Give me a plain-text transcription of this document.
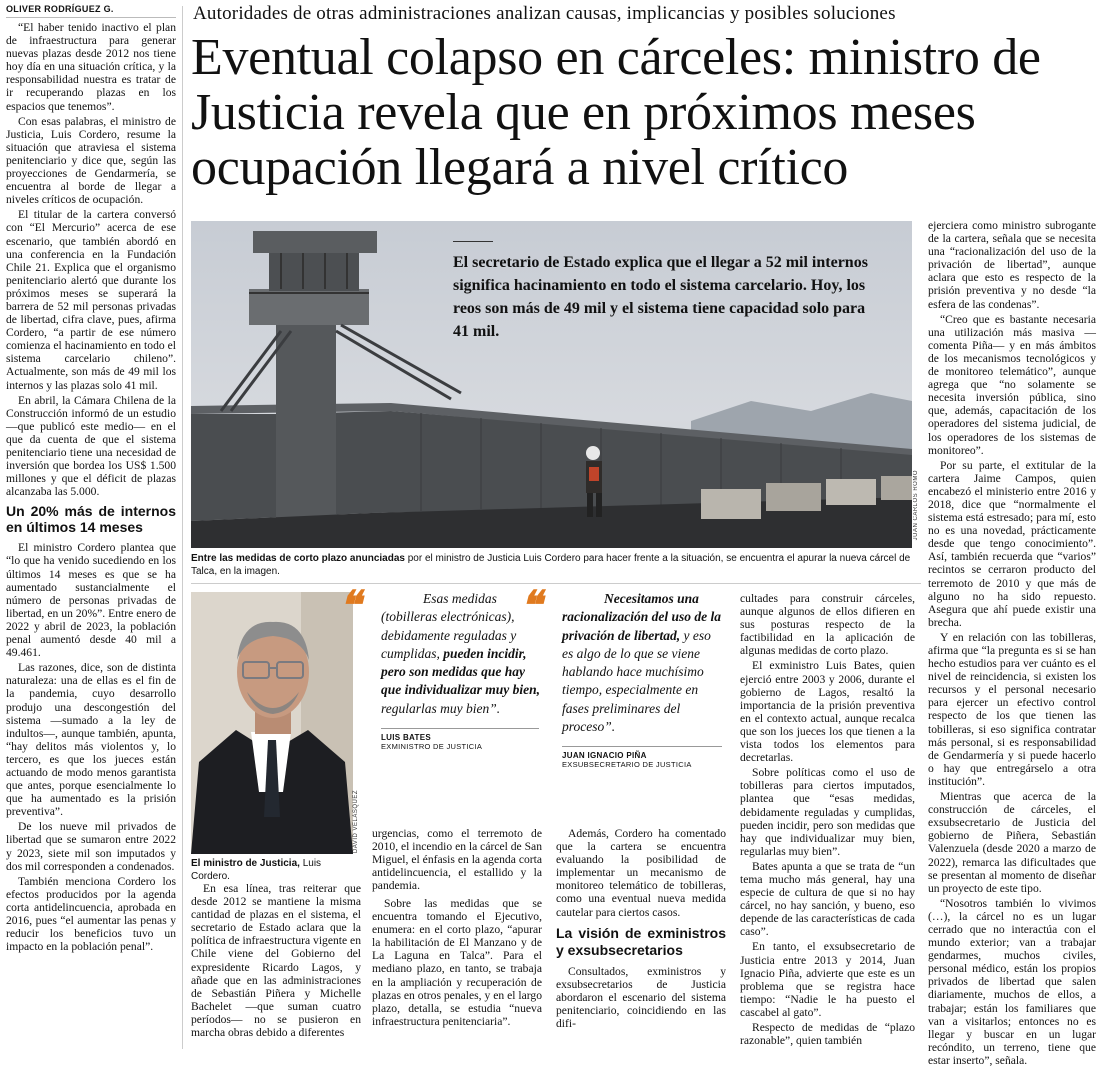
OLIVER RODRÍGUEZ G.

“El haber tenido inactivo el plan de infraestructura para generar nuevas plazas desde 2012 nos tiene hoy día en una situación crítica, y la responsabilidad nuestra es tratar de ir recuperando plazas en los espacios que tenemos”.

Con esas palabras, el ministro de Justicia, Luis Cordero, resume la situación que atraviesa el sistema penitenciario y dice que, según las proyecciones de Gendarmería, se encuentra al borde de llegar a niveles críticos de ocupación.

El titular de la cartera conversó con “El Mercurio” acerca de ese escenario, que también abordó en una conferencia en la Fundación Chile 21. Explica que el organismo penitenciario alertó que durante los próximos meses se superará la barrera de 52 mil personas privadas de libertad, cifra clave, pues, afirma Cordero, “a partir de ese número comienza el hacinamiento en todo el sistema carcelario chileno”. Actualmente, son más de 49 mil los internos y las plazas solo 41 mil.

En abril, la Cámara Chilena de la Construcción informó de un estudio —que publicó este medio— en el que da cuenta de que el sistema penitenciario tiene una necesidad de inversión que bordea los US$ 1.500 millones y que el déficit de plazas alcanzaba las 5.000.

Un 20% más de internos en últimos 14 meses

El ministro Cordero plantea que “lo que ha venido sucediendo en los últimos 14 meses es que se ha aumentado sustancialmente el número de personas privadas de libertad, en un 20%”. Entre enero de 2022 y abril de 2023, la población penal aumentó desde 40 mil a 49.461.

Las razones, dice, son de distinta naturaleza: una de ellas es el fin de la pandemia, cuyo desarrollo produjo una descongestión del sistema —sumado a la ley de indultos—, aunque también, apunta, “hay delitos más violentos y, lo tercero, es que los jueces están actuando de modo menos garantista que antes, porque esencialmente lo que ha aumentado es la prisión preventiva”.

De los nueve mil privados de libertad que se sumaron entre 2022 y 2023, siete mil son imputados y dos mil corresponden a condenados.

También menciona Cordero los efectos producidos por la agenda corta antidelincuencia, aprobada en 2016, pues “el aumentar las penas y reducir los beneficios tuvo un impacto en la población penal”.

Autoridades de otras administraciones analizan causas, implicancias y posibles soluciones
Eventual colapso en cárceles: ministro de Justicia revela que en próximos meses ocupación llegará a nivel crítico
El secretario de Estado explica que el llegar a 52 mil internos significa hacinamiento en todo el sistema carcelario. Hoy, los reos son más de 49 mil y el sistema tiene capacidad solo para 41 mil.
JUAN CARLOS ROMO
Entre las medidas de corto plazo anunciadas por el ministro de Justicia Luis Cordero para hacer frente a la situación, se encuentra el apurar la nueva cárcel de Talca, en la imagen.
DAVID VELÁSQUEZ
El ministro de Justicia, Luis Cordero.
❝	Esas medidas (tobilleras electrónicas), debidamente reguladas y cumplidas, pueden incidir, pero son medidas que hay que individualizar muy bien, regularlas muy bien”.
LUIS BATES
EXMINISTRO DE JUSTICIA
❝	Necesitamos una racionalización del uso de la privación de libertad, y eso es algo de lo que se viene hablando hace muchísimo tiempo, especialmente en fases preliminares del proceso”.
JUAN IGNACIO PIÑA
EXSUBSECRETARIO DE JUSTICIA

urgencias, como el terremoto de 2010, el incendio en la cárcel de San Miguel, el énfasis en la agenda corta antidelincuencia, el estallido y la pandemia.

En esa línea, tras reiterar que desde 2012 se mantiene la misma cantidad de plazas en el sistema, el secretario de Estado aclara que la política de infraestructura vigente en Chile viene del Gobierno del expresidente Ricardo Lagos, y añade que en las administraciones de Sebastián Piñera y Michelle Bachelet —que suman cuatro períodos— no se pusieron en marcha obras debido a diferentes

Sobre las medidas que se encuentra tomando el Ejecutivo, enumera: en el corto plazo, “apurar la habilitación de El Manzano y de La Laguna en Talca”. Para el mediano plazo, en tanto, se trabaja en la ampliación y recuperación de plazas en otros penales, y en el largo plazo, detalla, se estudia “nueva infraestructura penitenciaria”.

Además, Cordero ha comentado que la cartera se encuentra evaluando la posibilidad de implementar un mecanismo de monitoreo telemático de tobilleras, como una eventual nueva medida cautelar para ciertos casos.

La visión de exministros y exsubsecretarios

Consultados, exministros y exsubsecretarios de Justicia abordaron el escenario del sistema penitenciario, coincidiendo en las difi-

cultades para construir cárceles, aunque algunos de ellos difieren en sus posturas respecto de la factibilidad en la aplicación de algunas medidas de corto plazo.

El exministro Luis Bates, quien ejerció entre 2003 y 2006, durante el gobierno de Lagos, resaltó la importancia de la prisión preventiva en el contexto actual, aunque recalca que son los jueces los que tienen a la vista todos los elementos para decretarlas.

Sobre políticas como el uso de tobilleras para ciertos imputados, plantea que “esas medidas, debidamente reguladas y cumplidas, pueden incidir, pero son medidas que hay que individualizar muy bien, regularlas muy bien”.

Bates apunta a que se trata de “un tema mucho más general, hay una especie de cultura de que si no hay cárcel, no hay sanción, y bueno, eso depende de las características de cada caso”.

En tanto, el exsubsecretario de Justicia entre 2013 y 2014, Juan Ignacio Piña, advierte que este es un problema que se registra hace tiempo: “Nadie le ha puesto el cascabel al gato”.

Respecto de medidas de “plazo razonable”, quien también

ejerciera como ministro subrogante de la cartera, señala que se necesita una “racionalización del uso de la privación de libertad”, aunque aclara que esto es respecto de la prisión preventiva y no desde “la esfera de las condenas”.

“Creo que es bastante necesaria una utilización más masiva —comenta Piña— y en más ámbitos de los mecanismos tecnológicos y de monitoreo telemático”, aunque agrega que “no solamente se necesita inversión pública, sino que, además, capacitación de los operadores del sistema judicial, de los operadores de los sistemas de monitoreo”.

Por su parte, el extitular de la cartera Jaime Campos, quien encabezó el ministerio entre 2016 y 2018, dice que “normalmente el sistema está estresado; para mí, esto no es una novedad, prácticamente desde que tengo conocimiento”. Así, también recuerda que “varios” recintos se cerraron producto del terremoto de 2010 y que más de alguno no ha sido repuesto. Asegura que ahí puede existir una brecha.

Y en relación con las tobilleras, afirma que “la pregunta es si se han hecho estudios para ver cuánto es el nivel de reincidencia, si existen los recursos y el personal necesario para ejercer un efectivo control respecto de los que tienen las tobilleras, si eso significa contratar más personal, si es responsabilidad de Gendarmería y si puede hacerlo o hay que entregárselo a otra institución”.

Mientras que acerca de la construcción de cárceles, el exsubsecretario de Justicia del gobierno de Piñera, Sebastián Valenzuela (desde 2020 a marzo de 2022), remarca las dificultades que se presentan al momento de diseñar un proyecto de este tipo.

“Nosotros también lo vivimos (…), la cárcel no es un lugar cerrado que no interactúa con el mundo exterior; van a trabajar gendarmes, muchos civiles, personal médico, están los propios privados de libertad que salen diariamente, muchos de ellos, a trabajar; están los familiares que van a visitarlos; entonces no es llegar y buscar en un lugar recóndito, un terreno, tiene que estar inserto”, señala.
